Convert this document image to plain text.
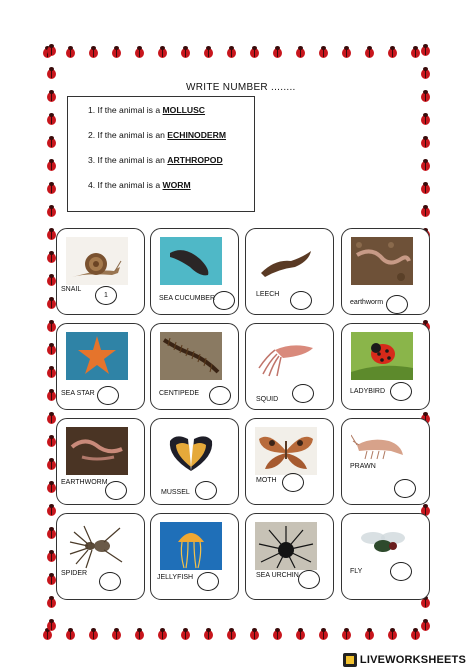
WRITE NUMBER ........
1. If the animal is a MOLLUSC
2. If the animal is an ECHINODERM
3. If the animal is an ARTHROPOD
4. If the animal is a WORM
SNAIL
1	SEA CUCUMBER
LEECH
earthworm
SEA STAR	CENTIPEDE
SQUID
LADYBIRD
EARTHWORM
MUSSEL
MOTH
PRAWN
SPIDER
JELLYFISH	SEA URCHIN
FLY
LIVEWORKSHEETS
